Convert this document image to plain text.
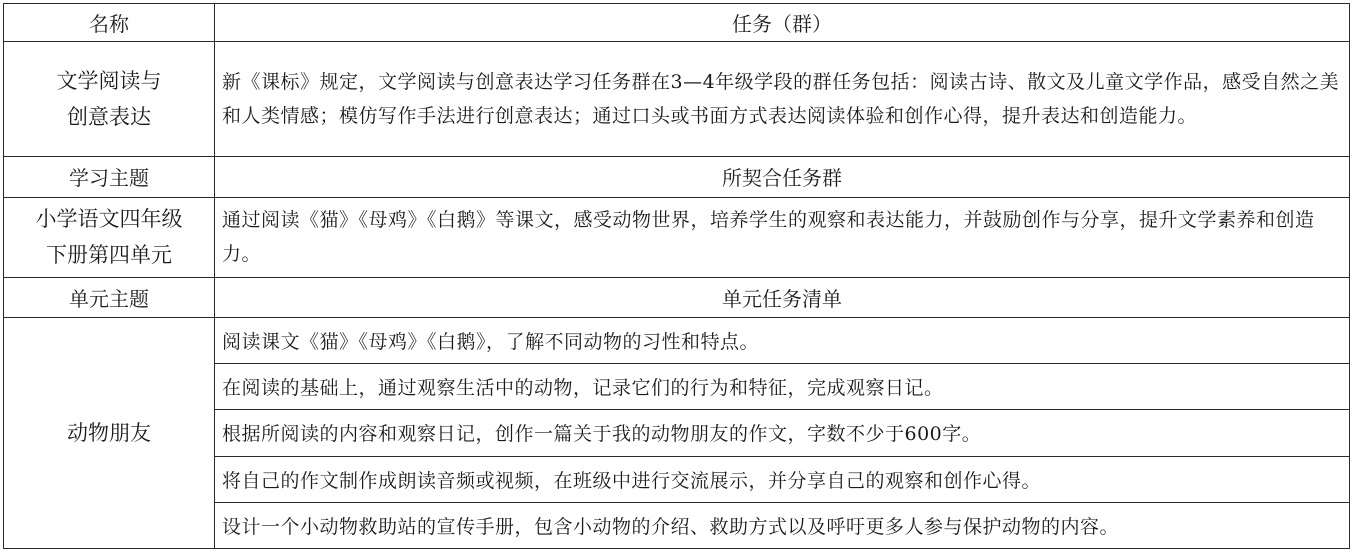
名称	任务（群）

文学阅读与
创意表达	新《课标》规定，文学阅读与创意表达学习任务群在3—4年级学段的群任务包括：阅读古诗、散文及儿童文学作品，感受自然之美和人类情感；模仿写作手法进行创意表达；通过口头或书面方式表达阅读体验和创作心得，提升表达和创造能力。
学习主题	所契合任务群

小学语文四年级
下册第四单元	通过阅读《猫》《母鸡》《白鹅》等课文，感受动物世界，培养学生的观察和表达能力，并鼓励创作与分享，提升文学素养和创造力。
单元主题	单元任务清单
动物朋友	阅读课文《猫》《母鸡》《白鹅》，了解不同动物的习性和特点。
	在阅读的基础上，通过观察生活中的动物，记录它们的行为和特征，完成观察日记。
	根据所阅读的内容和观察日记，创作一篇关于我的动物朋友的作文，字数不少于600字。
	将自己的作文制作成朗读音频或视频，在班级中进行交流展示，并分享自己的观察和创作心得。
	设计一个小动物救助站的宣传手册，包含小动物的介绍、救助方式以及呼吁更多人参与保护动物的内容。
